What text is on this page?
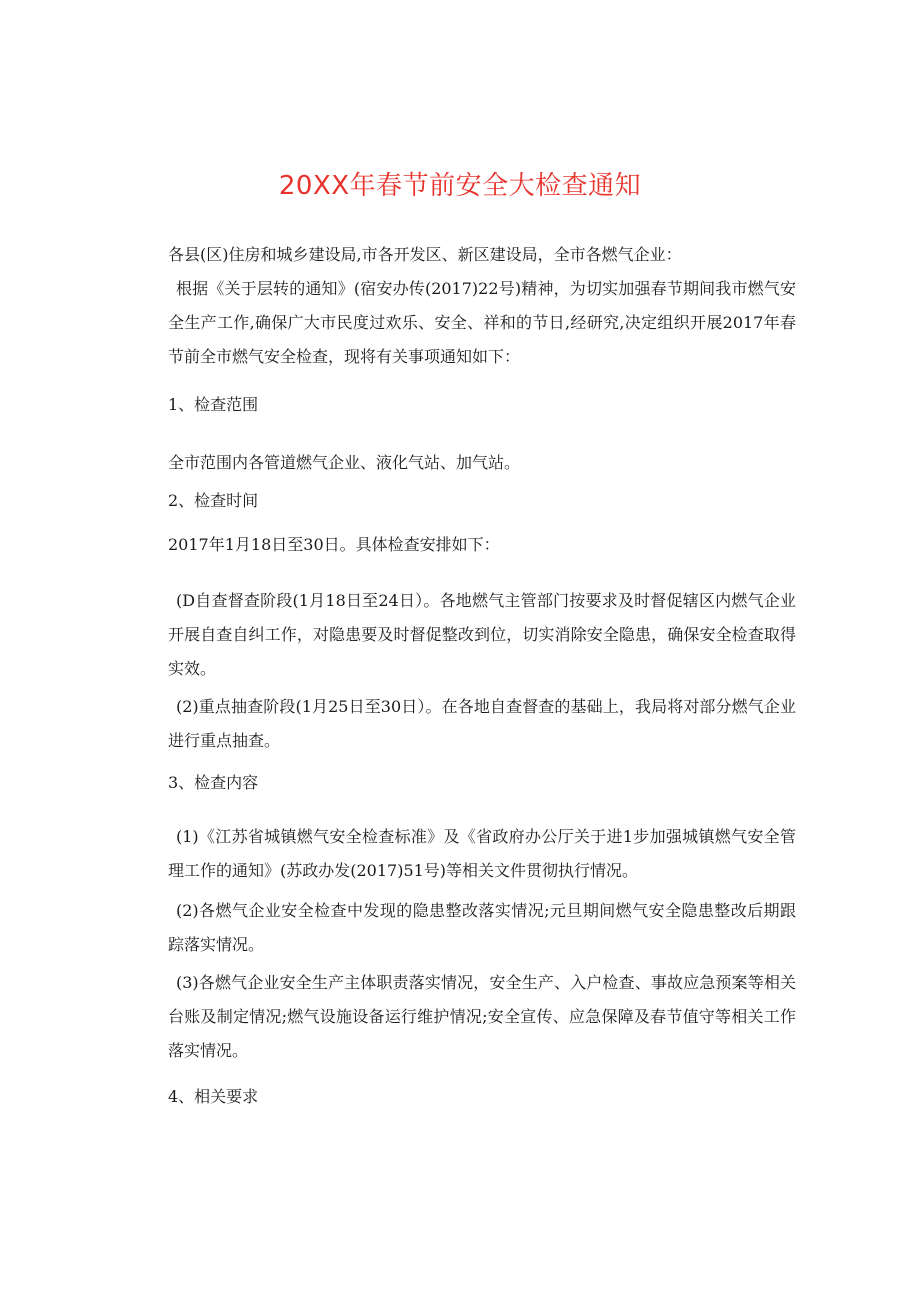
20XX年春节前安全大检查通知

各县(区)住房和城乡建设局,市各开发区、新区建设局，全市各燃气企业：

根据《关于层转的通知》(宿安办传(2017)22号)精神，为切实加强春节期间我市燃气安全生产工作,确保广大市民度过欢乐、安全、祥和的节日,经研究,决定组织开展2017年春节前全市燃气安全检查，现将有关事项通知如下：

1、检查范围

全市范围内各管道燃气企业、液化气站、加气站。

2、检查时间

2017年1月18日至30日。具体检查安排如下：

(D自查督查阶段(1月18日至24日）。各地燃气主管部门按要求及时督促辖区内燃气企业开展自查自纠工作，对隐患要及时督促整改到位，切实消除安全隐患，确保安全检查取得实效。

(2)重点抽查阶段(1月25日至30日）。在各地自查督查的基础上，我局将对部分燃气企业进行重点抽查。

3、检查内容

(1)《江苏省城镇燃气安全检查标准》及《省政府办公厅关于进1步加强城镇燃气安全管理工作的通知》(苏政办发(2017)51号)等相关文件贯彻执行情况。

(2)各燃气企业安全检查中发现的隐患整改落实情况;元旦期间燃气安全隐患整改后期跟踪落实情况。

(3)各燃气企业安全生产主体职责落实情况，安全生产、入户检查、事故应急预案等相关台账及制定情况;燃气设施设备运行维护情况;安全宣传、应急保障及春节值守等相关工作落实情况。

4、相关要求
